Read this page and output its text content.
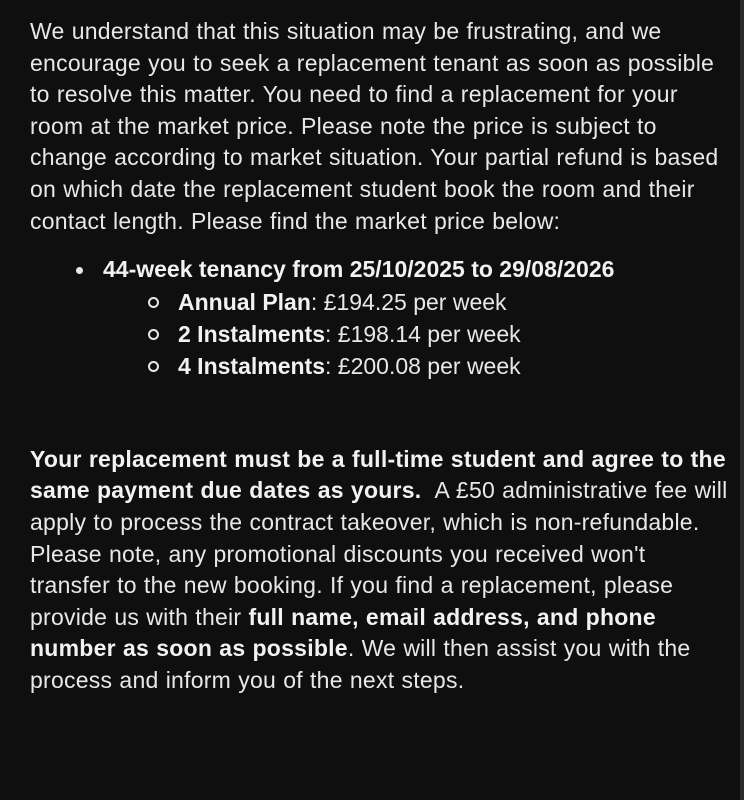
We understand that this situation may be frustrating, and we encourage you to seek a replacement tenant as soon as possible to resolve this matter. You need to find a replacement for your room at the market price. Please note the price is subject to change according to market situation. Your partial refund is based on which date the replacement student book the room and their contact length. Please find the market price below:

44-week tenancy from 25/10/2025 to 29/08/2026
Annual Plan: £194.25 per week
2 Instalments: £198.14 per week
4 Instalments: £200.08 per week

Your replacement must be a full-time student and agree to the same payment due dates as yours.  A £50 administrative fee will apply to process the contract takeover, which is non-refundable. Please note, any promotional discounts you received won't transfer to the new booking. If you find a replacement, please provide us with their full name, email address, and phone number as soon as possible. We will then assist you with the process and inform you of the next steps.
